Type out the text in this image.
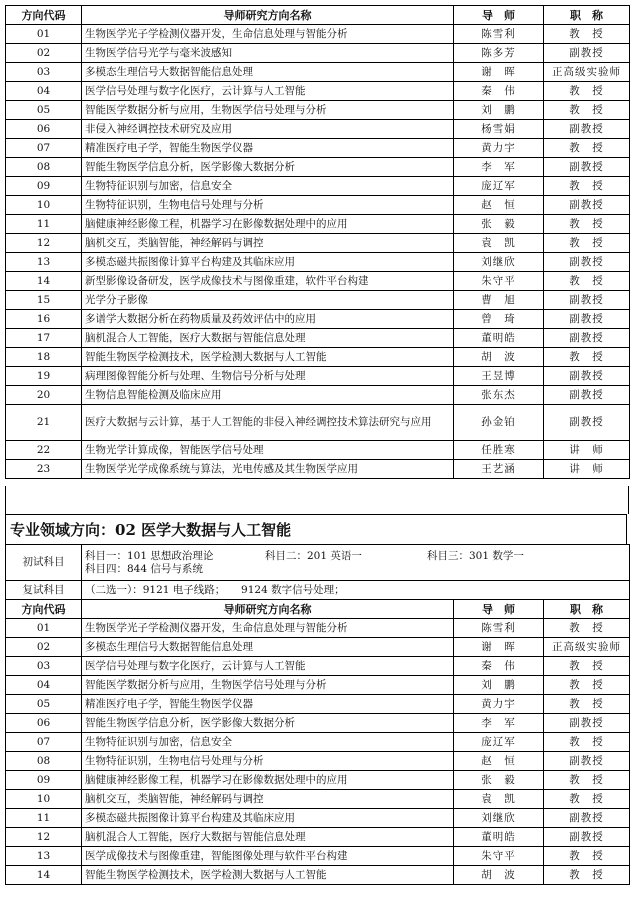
方向代码	导师研究方向名称	导　师	职　称
01	生物医学光子学检测仪器开发，生命信息处理与智能分析	陈雪利	教　授
02	生物医学信号光学与毫米波感知	陈多芳	副教授
03	多模态生理信号大数据智能信息处理	谢　晖	正高级实验师
04	医学信号处理与数字化医疗，云计算与人工智能	秦　伟	教　授
05	智能医学数据分析与应用，生物医学信号处理与分析	刘　鹏	教　授
06	非侵入神经调控技术研究及应用	杨雪娟	副教授
07	精准医疗电子学，智能生物医学仪器	黄力宇	教　授
08	智能生物医学信息分析，医学影像大数据分析	李　军	副教授
09	生物特征识别与加密，信息安全	庞辽军	教　授
10	生物特征识别，生物电信号处理与分析	赵　恒	副教授
11	脑健康神经影像工程，机器学习在影像数据处理中的应用	张　毅	教　授
12	脑机交互，类脑智能，神经解码与调控	袁　凯	教　授
13	多模态磁共振图像计算平台构建及其临床应用	刘继欣	副教授
14	新型影像设备研发，医学成像技术与图像重建，软件平台构建	朱守平	教　授
15	光学分子影像	曹　旭	副教授
16	多谱学大数据分析在药物质量及药效评估中的应用	曾　琦	副教授
17	脑机混合人工智能，医疗大数据与智能信息处理	董明皓	副教授
18	智能生物医学检测技术，医学检测大数据与人工智能	胡　波	教　授
19	病理图像智能分析与处理、生物信号分析与处理	王昱博	副教授
20	生物信息智能检测及临床应用	张东杰	副教授
21	医疗大数据与云计算，基于人工智能的非侵入神经调控技术算法研究与应用	孙金铂	副教授
22	生物光学计算成像，智能医学信号处理	任胜寒	讲　师
23	生物医学光学成像系统与算法，光电传感及其生物医学应用	王艺涵	讲　师
专业领域方向：02 医学大数据与人工智能
初试科目	科目一：101 思想政治理论 科目二：201 英语一 科目三：301 数学一
科目四：844 信号与系统		
复试科目	（二选一）：9121 电子线路；　　9124 数字信号处理；		
方向代码	导师研究方向名称	导　师	职　称
01	生物医学光子学检测仪器开发，生命信息处理与智能分析	陈雪利	教　授
02	多模态生理信号大数据智能信息处理	谢　晖	正高级实验师
03	医学信号处理与数字化医疗，云计算与人工智能	秦　伟	教　授
04	智能医学数据分析与应用，生物医学信号处理与分析	刘　鹏	教　授
05	精准医疗电子学，智能生物医学仪器	黄力宇	教　授
06	智能生物医学信息分析，医学影像大数据分析	李　军	副教授
07	生物特征识别与加密，信息安全	庞辽军	教　授
08	生物特征识别，生物电信号处理与分析	赵　恒	副教授
09	脑健康神经影像工程，机器学习在影像数据处理中的应用	张　毅	教　授
10	脑机交互，类脑智能，神经解码与调控	袁　凯	教　授
11	多模态磁共振图像计算平台构建及其临床应用	刘继欣	副教授
12	脑机混合人工智能，医疗大数据与智能信息处理	董明皓	副教授
13	医学成像技术与图像重建，智能图像处理与软件平台构建	朱守平	教　授
14	智能生物医学检测技术，医学检测大数据与人工智能	胡　波	教　授
